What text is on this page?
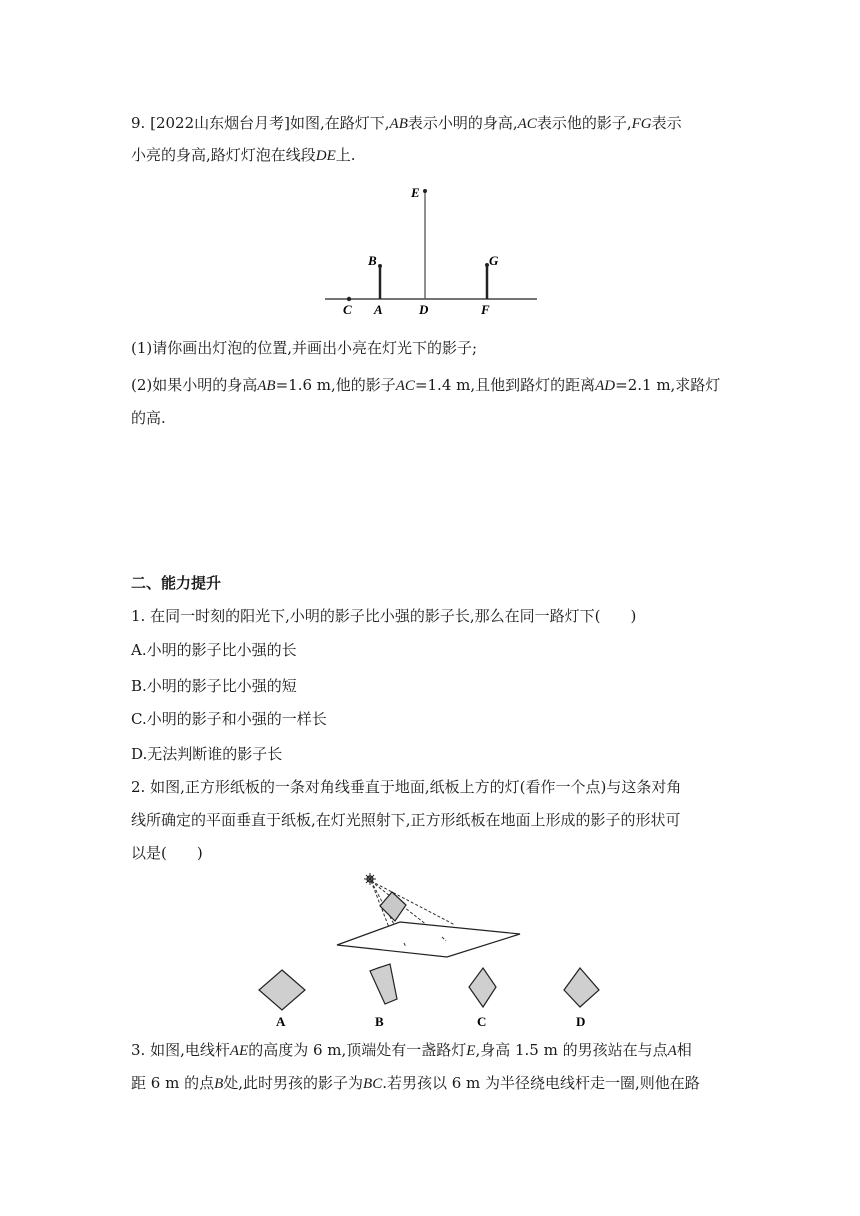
9. [2022山东烟台月考]如图,在路灯下,AB表示小明的身高,AC表示他的影子,FG表示
小亮的身高,路灯灯泡在线段DE上.
E
B	G
C A	D	F
(1)请你画出灯泡的位置,并画出小亮在灯光下的影子;
(2)如果小明的身高AB=1.6 m,他的影子AC=1.4 m,且他到路灯的距离AD=2.1 m,求路灯
的高.
二、能力提升
1. 在同一时刻的阳光下,小明的影子比小强的影子长,那么在同一路灯下(　　)
A.小明的影子比小强的长
B.小明的影子比小强的短
C.小明的影子和小强的一样长
D.无法判断谁的影子长
2. 如图,正方形纸板的一条对角线垂直于地面,纸板上方的灯(看作一个点)与这条对角
线所确定的平面垂直于纸板,在灯光照射下,正方形纸板在地面上形成的影子的形状可
以是(　　)
A	B	C	D
3. 如图,电线杆AE的高度为 6 m,顶端处有一盏路灯E,身高 1.5 m 的男孩站在与点A相
距 6 m 的点B处,此时男孩的影子为BC.若男孩以 6 m 为半径绕电线杆走一圈,则他在路
